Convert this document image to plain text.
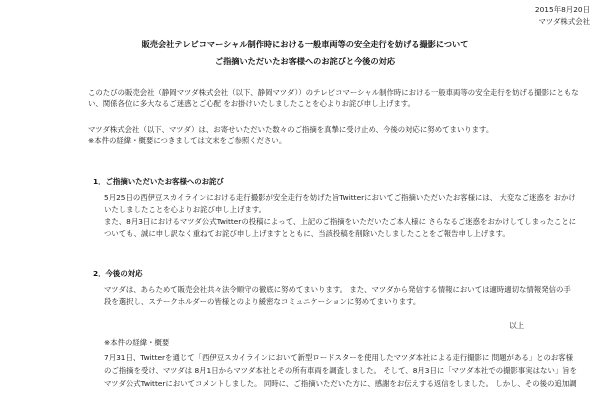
2015年8月20日
マツダ株式会社
販売会社テレビコマーシャル制作時における一般車両等の安全走行を妨げる撮影について
ご指摘いただいたお客様へのお詫びと今後の対応
このたびの販売会社（静岡マツダ株式会社（以下、静岡マツダ））のテレビコマーシャル制作時における一般車両等の安全走行を妨げる撮影にともな
い、関係各位に多大なるご迷惑とご心配 をお掛けいたしましたことを心よりお詫び申し上げます。
マツダ株式会社（以下、マツダ）は、お寄せいただいた数々のご指摘を真摯に受け止め、今後の対応に努めてまいります。
※本件の経緯・概要につきましては文末をご参照ください。
1．ご指摘いただいたお客様へのお詫び
5月25日の西伊豆スカイラインにおける走行撮影が安全走行を妨げた旨Twitterにおいてご指摘いただいたお客様には、 大変なご迷惑を おかけ
いたしましたことを心よりお詫び申し上げます。
また、8月3日におけるマツダ公式Twitterの投稿によって、上記のご指摘をいただいたご本人様に さらなるご迷惑をおかけしてしまったことに
ついても、誠に申し訳なく重ねてお詫び申し上げますとともに、当該投稿を削除いたしましたことをご報告申し上げます。
2．今後の対応
マツダは、あらためて販売会社共々法令順守の徹底に努めてまいります。 また、マツダから発信する情報においては適時適切な情報発信の手
段を選択し、ステークホルダーの皆様とのより緩密なコミュニケーションに努めてまいります。
以上
※本件の経緯・概要
7月31日、Twitterを通じて「西伊豆スカイラインにおいて新型ロードスターを使用したマツダ本社による走行撮影に 問題がある」とのお客様
のご指摘を受け、マツダは 8月1日からマツダ本社とその所有車両を調査しました。 そして、8月3日に「マツダ本社での撮影事実はない」旨を
マツダ公式Twitterにおいてコメントしました。 同時に、ご指摘いただいた方に、感謝をお伝えする返信をしました。 しかし、その後の追加調
